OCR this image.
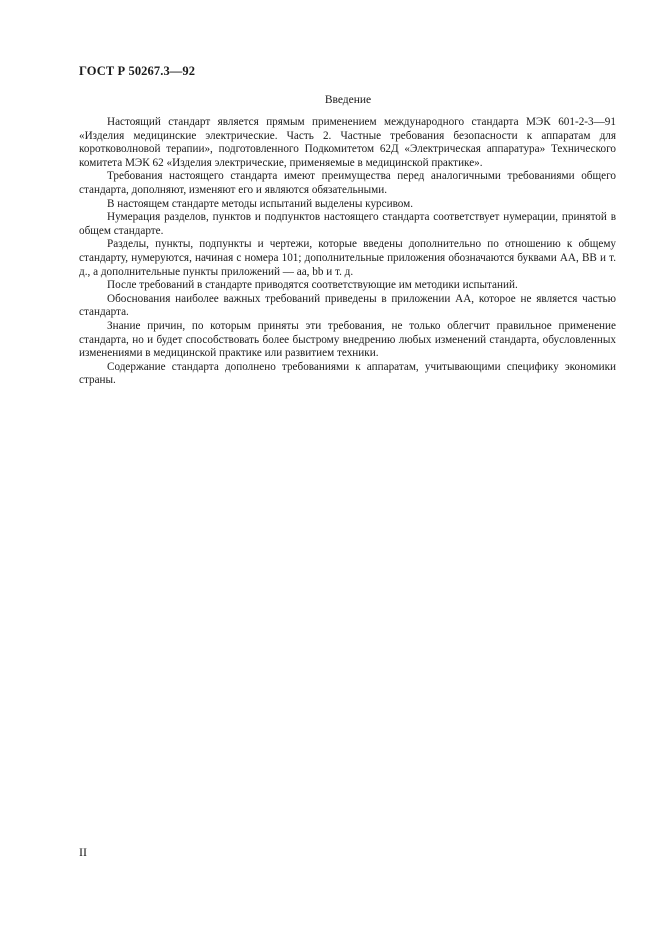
ГОСТ Р 50267.3—92
Введение

Настоящий стандарт является прямым применением международного стандарта МЭК 601-2-3—91 «Изделия медицинские электрические. Часть 2. Частные требования безопасности к аппаратам для коротковолновой терапии», подготовленного Подкомитетом 62Д «Электрическая аппаратура» Технического комитета МЭК 62 «Изделия электрические, применяемые в медицинской практике».

Требования настоящего стандарта имеют преимущества перед аналогичными требованиями общего стандарта, дополняют, изменяют его и являются обязательными.

В настоящем стандарте методы испытаний выделены курсивом.

Нумерация разделов, пунктов и подпунктов настоящего стандарта соответствует нумерации, принятой в общем стандарте.

Разделы, пункты, подпункты и чертежи, которые введены дополнительно по отношению к общему стандарту, нумеруются, начиная с номера 101; дополнительные приложения обозначаются буквами АА, ВВ и т. д., а дополнительные пункты приложений — аа, bb и т. д.

После требований в стандарте приводятся соответствующие им методики испытаний.

Обоснования наиболее важных требований приведены в приложении АА, которое не является частью стандарта.

Знание причин, по которым приняты эти требования, не только облегчит правильное применение стандарта, но и будет способствовать более быстрому внедрению любых изменений стандарта, обусловленных изменениями в медицинской практике или развитием техники.

Содержание стандарта дополнено требованиями к аппаратам, учитывающими специфику экономики страны.

II
